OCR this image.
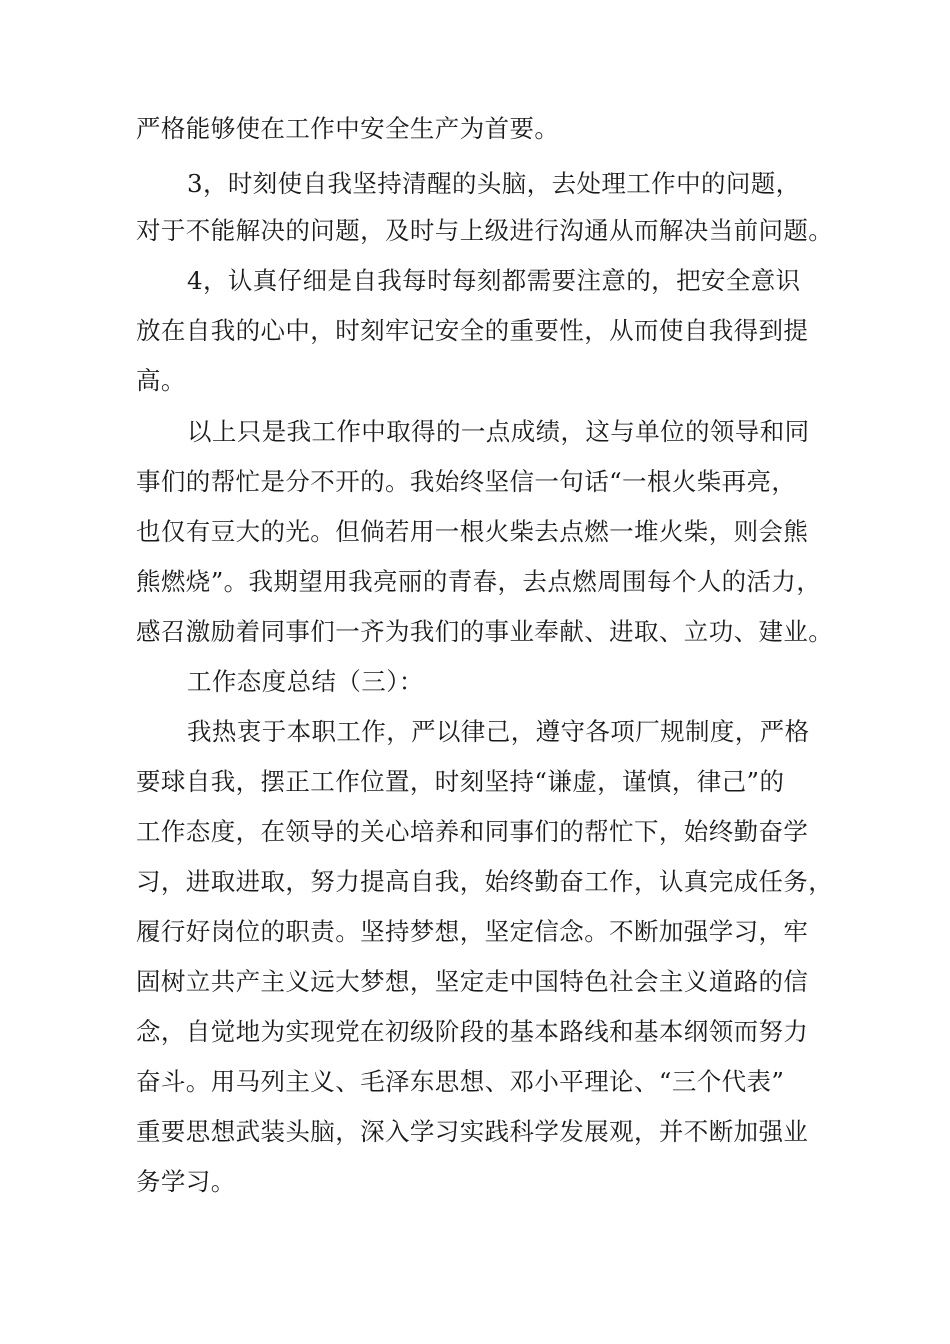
严格能够使在工作中安全生产为首要。
3，时刻使自我坚持清醒的头脑，去处理工作中的问题，
对于不能解决的问题，及时与上级进行沟通从而解决当前问题。
4，认真仔细是自我每时每刻都需要注意的，把安全意识
放在自我的心中，时刻牢记安全的重要性，从而使自我得到提
高。
以上只是我工作中取得的一点成绩，这与单位的领导和同
事们的帮忙是分不开的。我始终坚信一句话“一根火柴再亮，
也仅有豆大的光。但倘若用一根火柴去点燃一堆火柴，则会熊
熊燃烧”。我期望用我亮丽的青春，去点燃周围每个人的活力，
感召激励着同事们一齐为我们的事业奉献、进取、立功、建业。
工作态度总结（三）：
我热衷于本职工作，严以律己，遵守各项厂规制度，严格
要球自我，摆正工作位置，时刻坚持“谦虚，谨慎，律己”的
工作态度，在领导的关心培养和同事们的帮忙下，始终勤奋学
习，进取进取，努力提高自我，始终勤奋工作，认真完成任务，
履行好岗位的职责。坚持梦想，坚定信念。不断加强学习，牢
固树立共产主义远大梦想，坚定走中国特色社会主义道路的信
念，自觉地为实现党在初级阶段的基本路线和基本纲领而努力
奋斗。用马列主义、毛泽东思想、邓小平理论、“三个代表”
重要思想武装头脑，深入学习实践科学发展观，并不断加强业
务学习。
